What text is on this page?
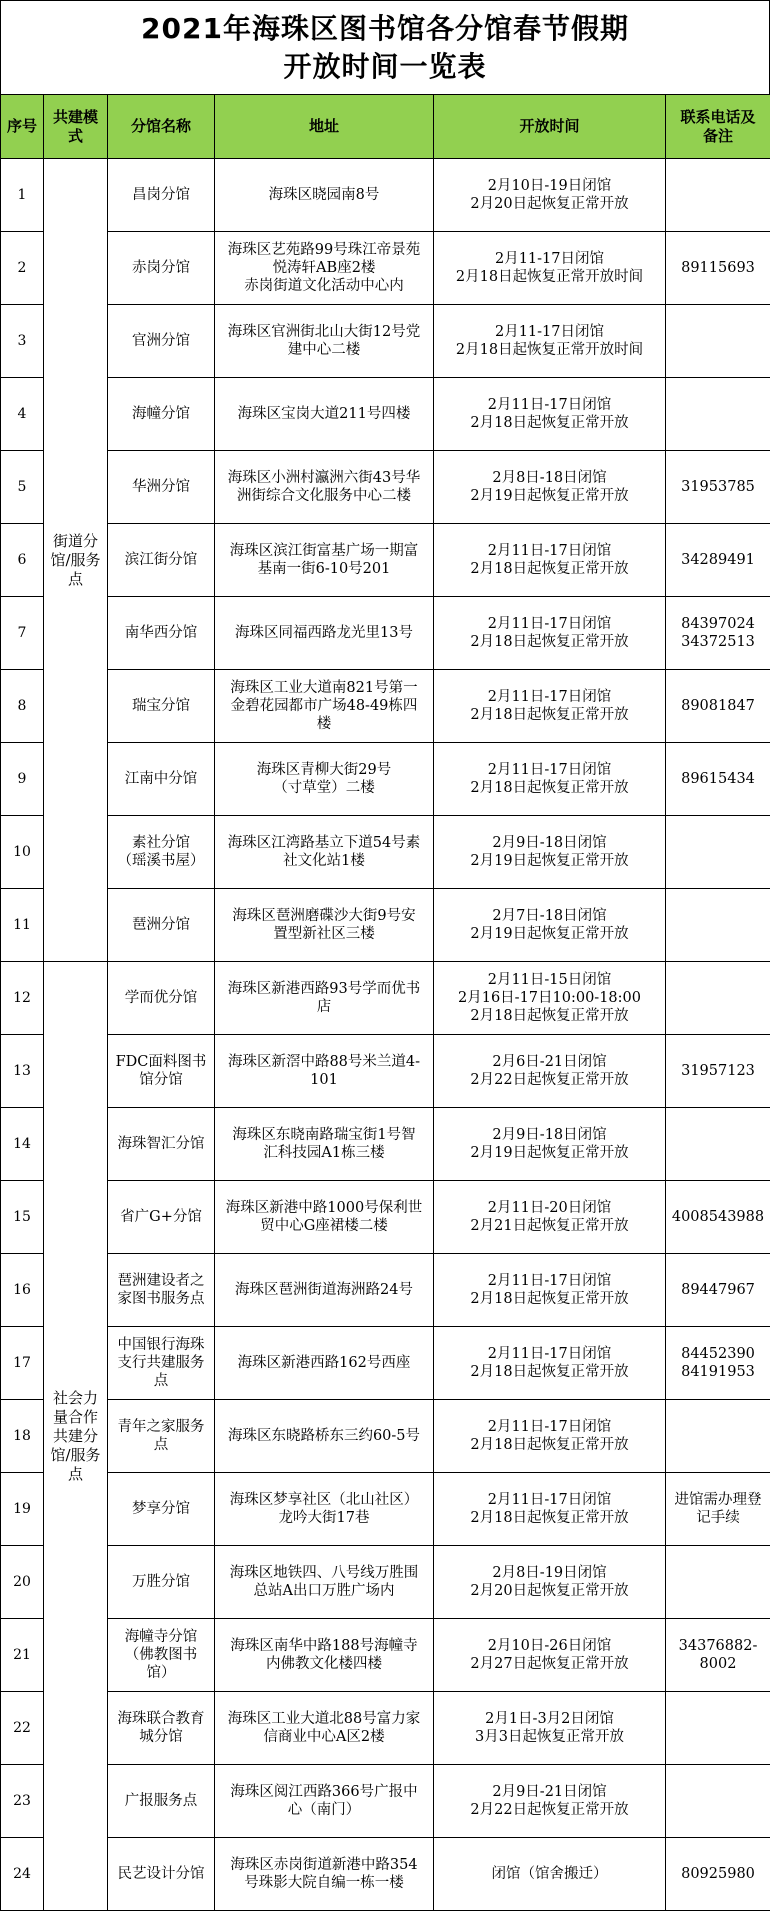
2021年海珠区图书馆各分馆春节假期
开放时间一览表
序号	共建模式	分馆名称	地址	开放时间	联系电话及备注

1	街道分
馆/服务
点	昌岗分馆	海珠区晓园南8号	2月10日-19日闭馆
2月20日起恢复正常开放	

2		赤岗分馆	海珠区艺苑路99号珠江帝景苑
悦涛轩AB座2楼
赤岗街道文化活动中心内	2月11-17日闭馆
2月18日起恢复正常开放时间	89115693

3		官洲分馆	海珠区官洲街北山大街12号党
建中心二楼	2月11-17日闭馆
2月18日起恢复正常开放时间	

4		海幢分馆	海珠区宝岗大道211号四楼	2月11日-17日闭馆
2月18日起恢复正常开放	

5		华洲分馆	海珠区小洲村瀛洲六街43号华
洲街综合文化服务中心二楼	2月8日-18日闭馆
2月19日起恢复正常开放	31953785

6		滨江街分馆	海珠区滨江街富基广场一期富
基南一街6-10号201	2月11日-17日闭馆
2月18日起恢复正常开放	34289491

7		南华西分馆	海珠区同福西路龙光里13号	2月11日-17日闭馆
2月18日起恢复正常开放	84397024
34372513

8		瑞宝分馆	海珠区工业大道南821号第一
金碧花园都市广场48-49栋四
楼	2月11日-17日闭馆
2月18日起恢复正常开放	89081847

9		江南中分馆	海珠区青柳大街29号
（寸草堂）二楼	2月11日-17日闭馆
2月18日起恢复正常开放	89615434

10		素社分馆
（瑶溪书屋）	海珠区江湾路基立下道54号素
社文化站1楼	2月9日-18日闭馆
2月19日起恢复正常开放	

11		琶洲分馆	海珠区琶洲磨碟沙大街9号安
置型新社区三楼	2月7日-18日闭馆
2月19日起恢复正常开放	

12	社会力
量合作
共建分
馆/服务
点	学而优分馆	海珠区新港西路93号学而优书
店	2月11日-15日闭馆
2月16日-17日10:00-18:00
2月18日起恢复正常开放	

13		FDC面料图书
馆分馆	海珠区新滘中路88号米兰道4-
101	2月6日-21日闭馆
2月22日起恢复正常开放	31957123

14		海珠智汇分馆	海珠区东晓南路瑞宝街1号智
汇科技园A1栋三楼	2月9日-18日闭馆
2月19日起恢复正常开放	

15		省广G+分馆	海珠区新港中路1000号保利世
贸中心G座裙楼二楼	2月11日-20日闭馆
2月21日起恢复正常开放	4008543988

16		琶洲建设者之
家图书服务点	海珠区琶洲街道海洲路24号	2月11日-17日闭馆
2月18日起恢复正常开放	89447967

17		中国银行海珠
支行共建服务
点	海珠区新港西路162号西座	2月11日-17日闭馆
2月18日起恢复正常开放	84452390
84191953

18		青年之家服务
点	海珠区东晓路桥东三约60-5号	2月11日-17日闭馆
2月18日起恢复正常开放	

19		梦享分馆	海珠区梦享社区（北山社区）
龙吟大街17巷	2月11日-17日闭馆
2月18日起恢复正常开放	进馆需办理登
记手续

20		万胜分馆	海珠区地铁四、八号线万胜围
总站A出口万胜广场内	2月8日-19日闭馆
2月20日起恢复正常开放	

21		海幢寺分馆
（佛教图书
馆）	海珠区南华中路188号海幢寺
内佛教文化楼四楼	2月10日-26日闭馆
2月27日起恢复正常开放	34376882-
8002

22		海珠联合教育
城分馆	海珠区工业大道北88号富力家
信商业中心A区2楼	2月1日-3月2日闭馆
3月3日起恢复正常开放	

23		广报服务点	海珠区阅江西路366号广报中
心（南门）	2月9日-21日闭馆
2月22日起恢复正常开放	

24		民艺设计分馆	海珠区赤岗街道新港中路354
号珠影大院自编一栋一楼	闭馆（馆舍搬迁）	80925980
